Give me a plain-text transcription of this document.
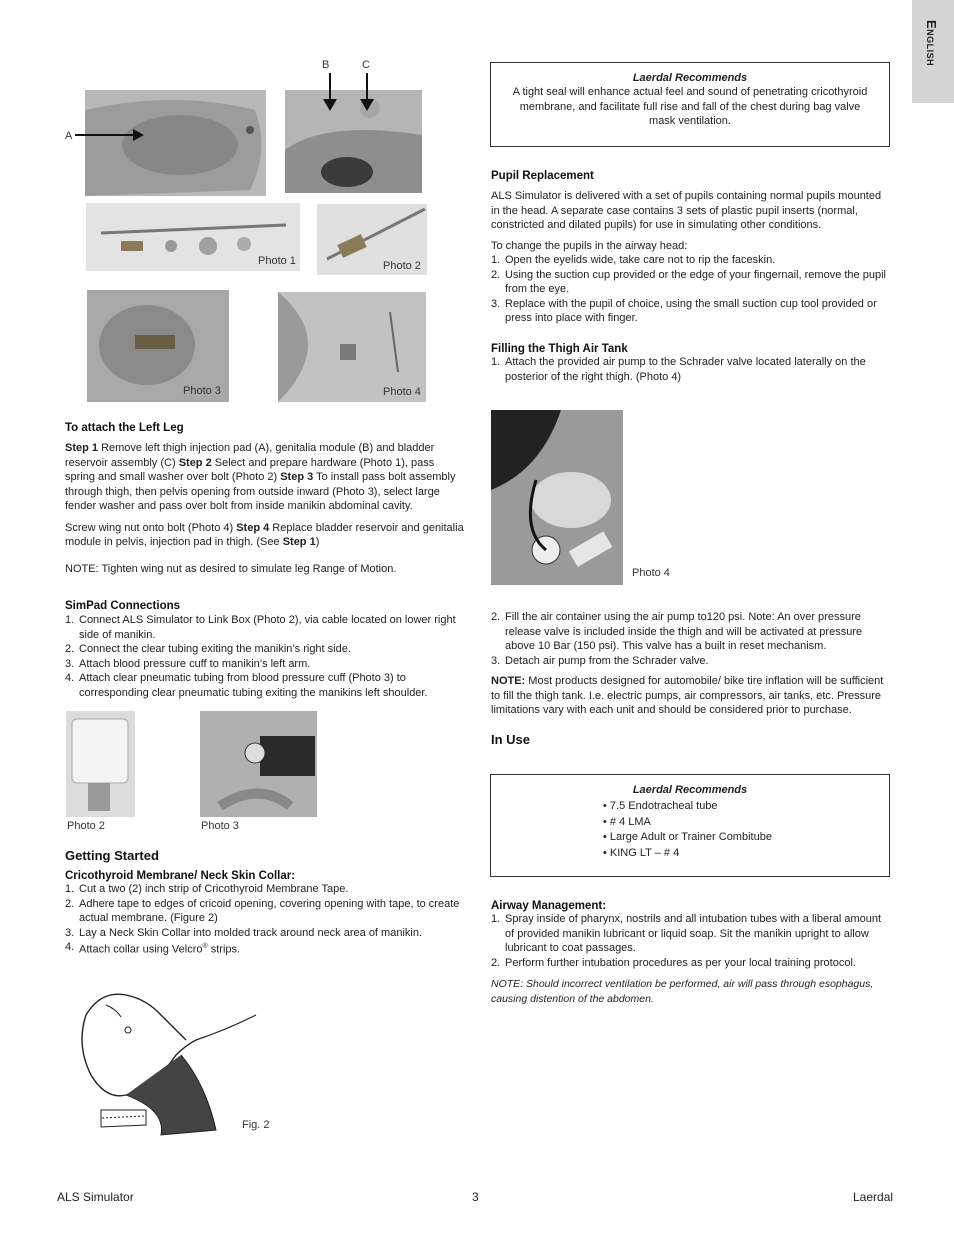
English
B	C
A
Photo 1	Photo 2
Photo 3	Photo 4
To attach the Left Leg

Step 1 Remove left thigh injection pad (A), genitalia module (B) and bladder reservoir assembly (C) Step 2 Select and prepare hardware (Photo 1), pass spring and small washer over bolt (Photo 2) Step 3 To install pass bolt assembly through thigh, then pelvis opening from outside inward (Photo 3), select large fender washer and pass over bolt from inside manikin abdominal cavity.

Screw wing nut onto bolt (Photo 4) Step 4 Replace bladder reservoir and genitalia module in pelvis, injection pad in thigh. (See Step 1)

NOTE: Tighten wing nut as desired to simulate leg Range of Motion.

SimPad Connections
1. Connect ALS Simulator to Link Box (Photo 2), via cable located on lower right side of manikin.
2. Connect the clear tubing exiting the manikin’s right side.
3. Attach blood pressure cuff to manikin’s left arm.
4. Attach clear pneumatic tubing from blood pressure cuff (Photo 3) to corresponding clear pneumatic tubing exiting the manikins left shoulder.
Photo 2	Photo 3
Getting Started
Cricothyroid Membrane/ Neck Skin Collar:
1. Cut a two (2) inch strip of Cricothyroid Membrane Tape.
2. Adhere tape to edges of cricoid opening, covering opening with tape, to create actual membrane. (Figure 2)
3. Lay a Neck Skin Collar into molded track around neck area of manikin.
4. Attach collar using Velcro® strips.
Fig. 2
Laerdal Recommends

A tight seal will enhance actual feel and sound of penetrating cricothyroid membrane, and facilitate full rise and fall of the chest during bag valve mask ventilation.

Pupil Replacement

ALS Simulator is delivered with a set of pupils containing normal pupils mounted in the head. A separate case contains 3 sets of plastic pupil inserts (normal, constricted and dilated pupils) for use in simulating other conditions.

To change the pupils in the airway head:

1. Open the eyelids wide, take care not to rip the faceskin.
2. Using the suction cup provided or the edge of your fingernail, remove the pupil from the eye.
3. Replace with the pupil of choice, using the small suction cup tool provided or press into place with finger.
Filling the Thigh Air Tank
1. Attach the provided air pump to the Schrader valve located laterally on the posterior of the right thigh. (Photo 4)
Photo 4
2. Fill the air container using the air pump to120 psi. Note: An over pressure release valve is included inside the thigh and will be activated at pressure above 10 Bar (150 psi). This valve has a built in reset mechanism.
3. Detach air pump from the Schrader valve.

NOTE: Most products designed for automobile/ bike tire inflation will be sufficient to fill the thigh tank. I.e. electric pumps, air compressors, air tanks, etc. Pressure limitations vary with each unit and should be considered prior to purchase.

In Use
Laerdal Recommends
• 7.5 Endotracheal tube
• # 4 LMA
• Large Adult or Trainer Combitube
• KING LT – # 4
Airway Management:
1. Spray inside of pharynx, nostrils and all intubation tubes with a liberal amount of provided manikin lubricant or liquid soap. Sit the manikin upright to allow lubricant to coat passages.
2. Perform further intubation procedures as per your local training protocol.

NOTE: Should incorrect ventilation be performed, air will pass through esophagus, causing distention of the abdomen.

ALS Simulator	3	Laerdal
